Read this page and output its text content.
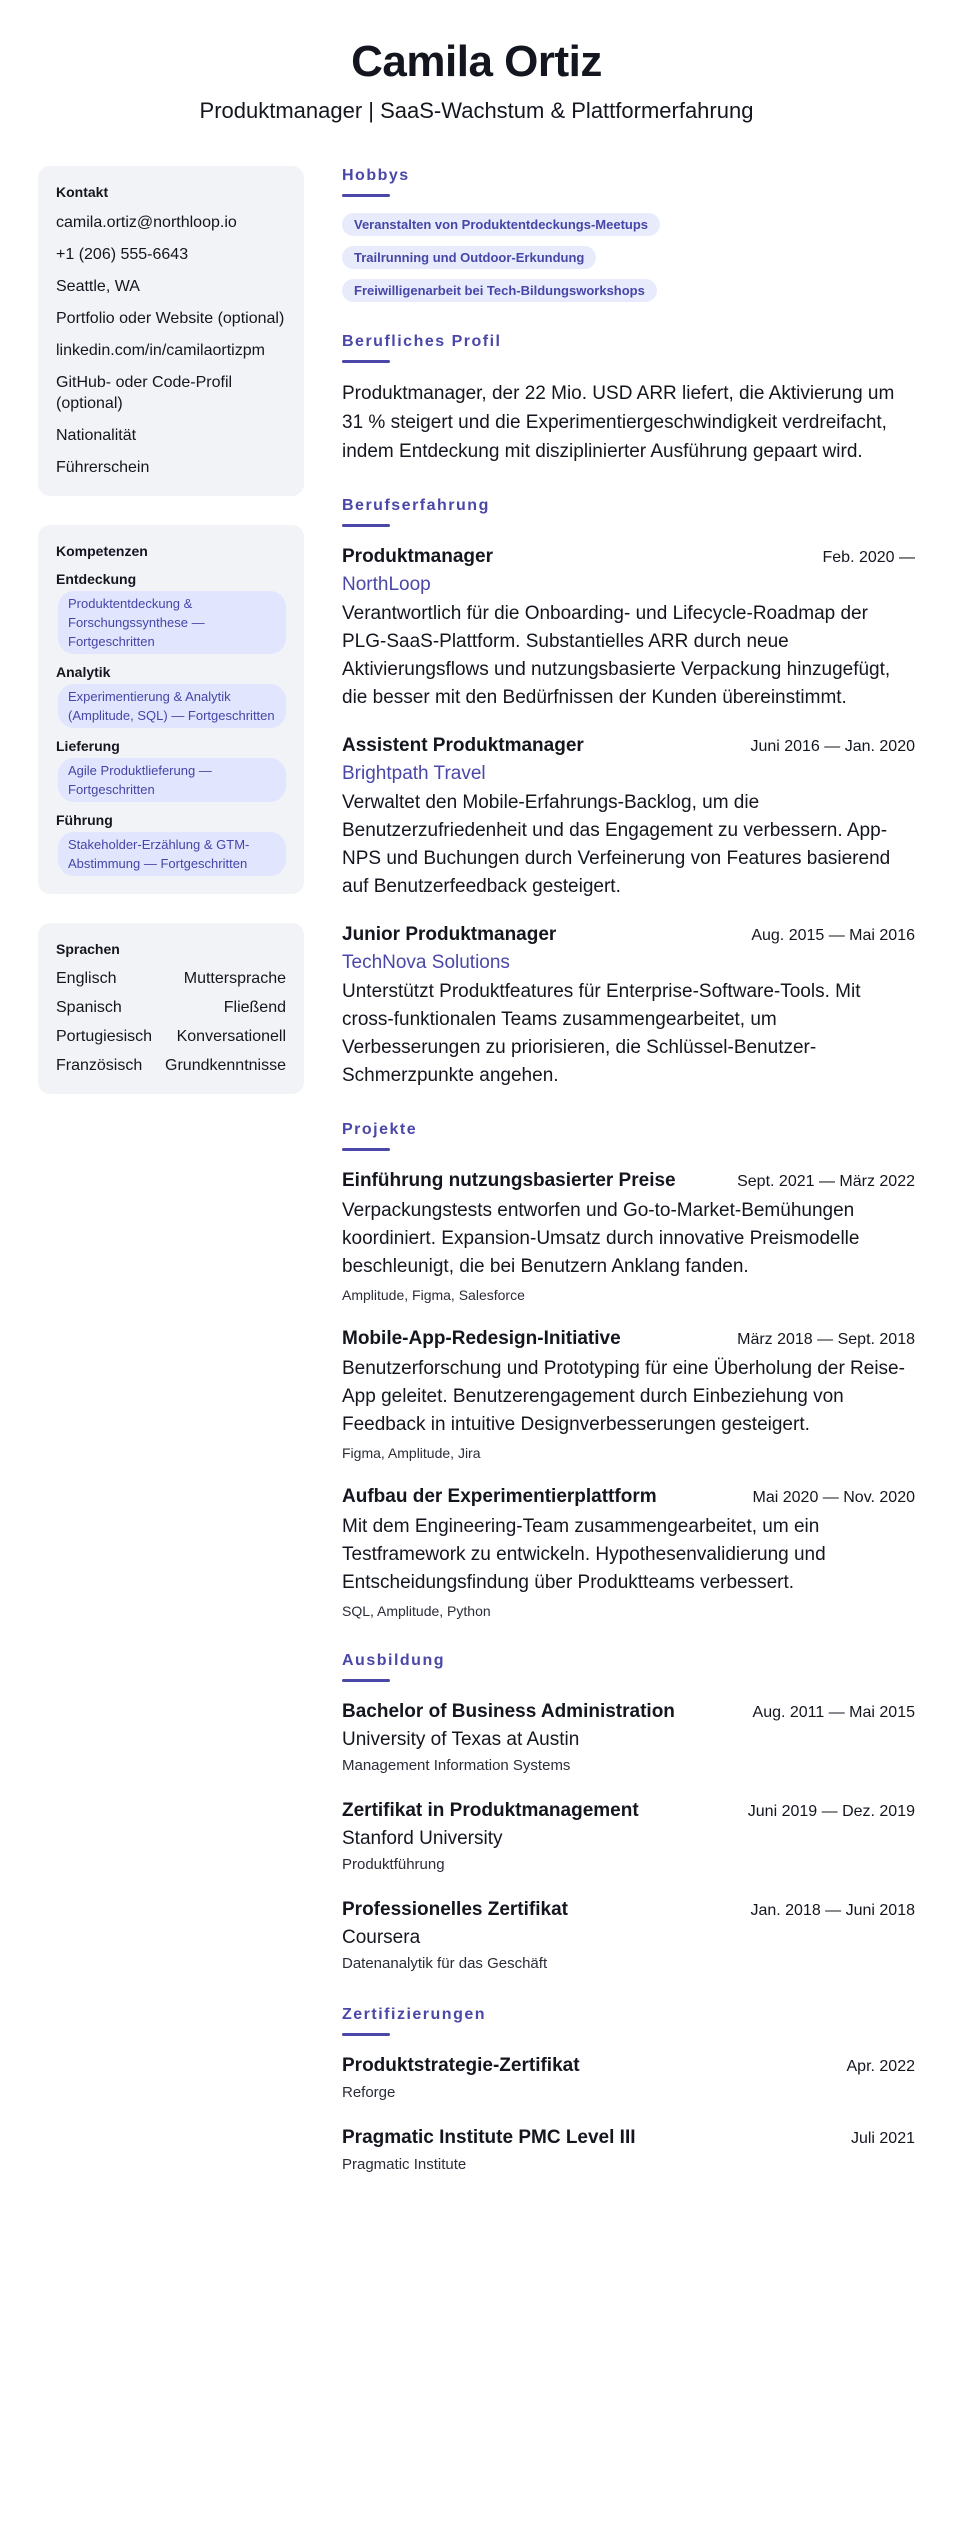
Camila Ortiz
Produktmanager | SaaS-Wachstum & Plattformerfahrung
Kontakt
camila.ortiz@northloop.io
+1 (206) 555-6643
Seattle, WA
Portfolio oder Website (optional)
linkedin.com/in/camilaortizpm
GitHub- oder Code-Profil (optional)
Nationalität
Führerschein
Kompetenzen
Entdeckung
Produktentdeckung & Forschungssynthese — Fortgeschritten
Analytik
Experimentierung & Analytik (Amplitude, SQL) — Fortgeschritten
Lieferung
Agile Produktlieferung — Fortgeschritten
Führung
Stakeholder-Erzählung & GTM-Abstimmung — Fortgeschritten
Sprachen
Englisch	Muttersprache
Spanisch	Fließend
Portugiesisch Konversationell
Französisch Grundkenntnisse
Hobbys
Veranstalten von Produktentdeckungs-Meetups
Trailrunning und Outdoor-Erkundung
Freiwilligenarbeit bei Tech-Bildungsworkshops
Berufliches Profil

Produktmanager, der 22 Mio. USD ARR liefert, die Aktivierung um 31 % steigert und die Experimentiergeschwindigkeit verdreifacht, indem Entdeckung mit disziplinierter Ausführung gepaart wird.

Berufserfahrung
Produktmanager	Feb. 2020 —
NorthLoop
Verantwortlich für die Onboarding- und Lifecycle-Roadmap der PLG-SaaS-Plattform. Substantielles ARR durch neue Aktivierungsflows und nutzungsbasierte Verpackung hinzugefügt, die besser mit den Bedürfnissen der Kunden übereinstimmt.
Assistent Produktmanager	Juni 2016 — Jan. 2020
Brightpath Travel
Verwaltet den Mobile-Erfahrungs-Backlog, um die Benutzerzufriedenheit und das Engagement zu verbessern. App-NPS und Buchungen durch Verfeinerung von Features basierend auf Benutzerfeedback gesteigert.
Junior Produktmanager	Aug. 2015 — Mai 2016
TechNova Solutions
Unterstützt Produktfeatures für Enterprise-Software-Tools. Mit cross-funktionalen Teams zusammengearbeitet, um Verbesserungen zu priorisieren, die Schlüssel-Benutzer-Schmerzpunkte angehen.
Projekte
Einführung nutzungsbasierter Preise	Sept. 2021 — März 2022
Verpackungstests entworfen und Go-to-Market-Bemühungen koordiniert. Expansion-Umsatz durch innovative Preismodelle beschleunigt, die bei Benutzern Anklang fanden.
Amplitude, Figma, Salesforce
Mobile-App-Redesign-Initiative	März 2018 — Sept. 2018
Benutzerforschung und Prototyping für eine Überholung der Reise-App geleitet. Benutzerengagement durch Einbeziehung von Feedback in intuitive Designverbesserungen gesteigert.
Figma, Amplitude, Jira
Aufbau der Experimentierplattform	Mai 2020 — Nov. 2020
Mit dem Engineering-Team zusammengearbeitet, um ein Testframework zu entwickeln. Hypothesenvalidierung und Entscheidungsfindung über Produktteams verbessert.
SQL, Amplitude, Python
Ausbildung
Bachelor of Business Administration	Aug. 2011 — Mai 2015
University of Texas at Austin
Management Information Systems
Zertifikat in Produktmanagement	Juni 2019 — Dez. 2019
Stanford University
Produktführung
Professionelles Zertifikat	Jan. 2018 — Juni 2018
Coursera
Datenanalytik für das Geschäft
Zertifizierungen
Produktstrategie-Zertifikat	Apr. 2022
Reforge
Pragmatic Institute PMC Level III	Juli 2021
Pragmatic Institute
